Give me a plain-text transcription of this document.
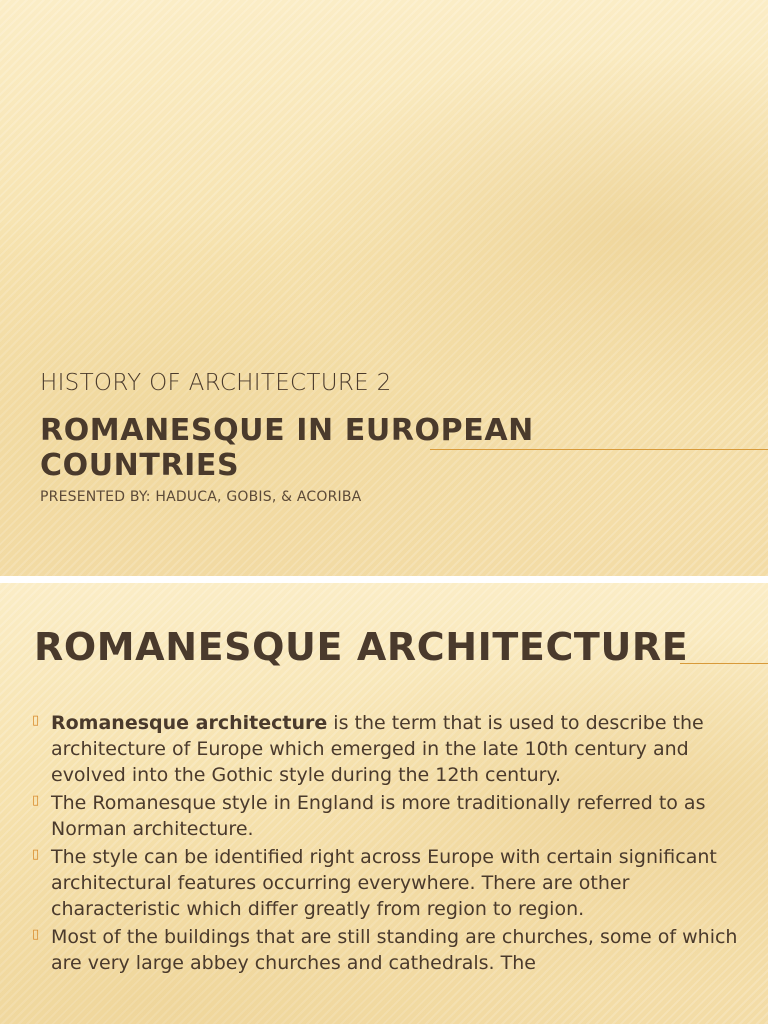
HISTORY OF ARCHITECTURE 2
ROMANESQUE IN EUROPEAN
COUNTRIES
PRESENTED BY: HADUCA, GOBIS, & ACORIBA
ROMANESQUE ARCHITECTURE
▯ Romanesque architecture is the term that is used to describe the architecture of Europe which emerged in the late 10th century and evolved into the Gothic style during the 12th century.
▯ The Romanesque style in England is more traditionally referred to as Norman architecture.
▯ The style can be identified right across Europe with certain significant architectural features occurring everywhere. There are other characteristic which differ greatly from region to region.
▯ Most of the buildings that are still standing are churches, some of which are very large abbey churches and cathedrals. The
